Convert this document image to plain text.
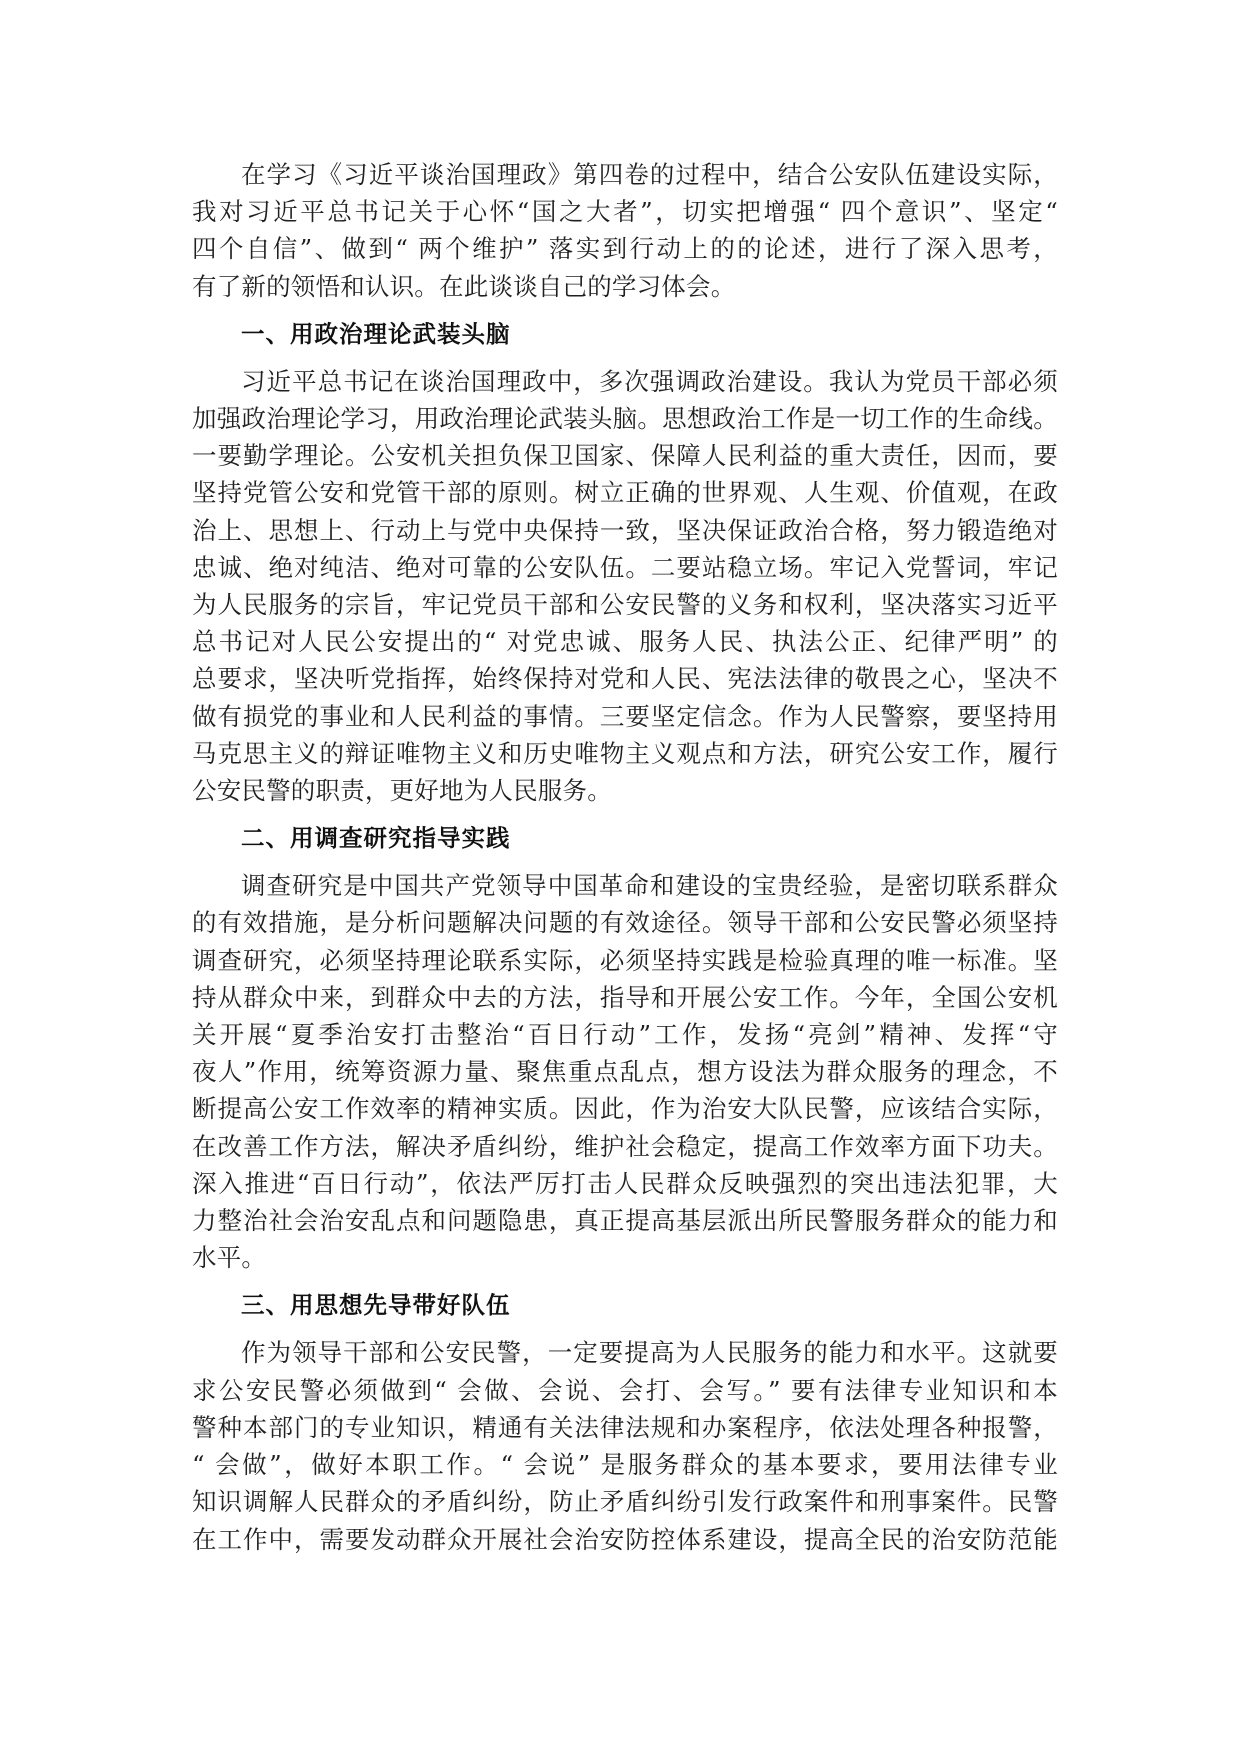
在学习《习近平谈治国理政》第四卷的过程中，结合公安队伍建设实际，
我对习近平总书记关于心怀“国之大者”，切实把增强“ 四个意识”、坚定“
四个自信”、做到“ 两个维护” 落实到行动上的的论述，进行了深入思考，
有了新的领悟和认识。在此谈谈自己的学习体会。
一、用政治理论武装头脑
习近平总书记在谈治国理政中，多次强调政治建设。我认为党员干部必须
加强政治理论学习，用政治理论武装头脑。思想政治工作是一切工作的生命线。
一要勤学理论。公安机关担负保卫国家、保障人民利益的重大责任，因而，要
坚持党管公安和党管干部的原则。树立正确的世界观、人生观、价值观，在政
治上、思想上、行动上与党中央保持一致，坚决保证政治合格，努力锻造绝对
忠诚、绝对纯洁、绝对可靠的公安队伍。二要站稳立场。牢记入党誓词，牢记
为人民服务的宗旨，牢记党员干部和公安民警的义务和权利，坚决落实习近平
总书记对人民公安提出的“ 对党忠诚、服务人民、执法公正、纪律严明” 的
总要求，坚决听党指挥，始终保持对党和人民、宪法法律的敬畏之心，坚决不
做有损党的事业和人民利益的事情。三要坚定信念。作为人民警察，要坚持用
马克思主义的辩证唯物主义和历史唯物主义观点和方法，研究公安工作，履行
公安民警的职责，更好地为人民服务。
二、用调查研究指导实践
调查研究是中国共产党领导中国革命和建设的宝贵经验，是密切联系群众
的有效措施，是分析问题解决问题的有效途径。领导干部和公安民警必须坚持
调查研究，必须坚持理论联系实际，必须坚持实践是检验真理的唯一标准。坚
持从群众中来，到群众中去的方法，指导和开展公安工作。今年，全国公安机
关开展“夏季治安打击整治“百日行动”工作，发扬“亮剑”精神、发挥“守
夜人”作用，统筹资源力量、聚焦重点乱点，想方设法为群众服务的理念，不
断提高公安工作效率的精神实质。因此，作为治安大队民警，应该结合实际，
在改善工作方法，解决矛盾纠纷，维护社会稳定，提高工作效率方面下功夫。
深入推进“百日行动”，依法严厉打击人民群众反映强烈的突出违法犯罪，大
力整治社会治安乱点和问题隐患，真正提高基层派出所民警服务群众的能力和
水平。
三、用思想先导带好队伍
作为领导干部和公安民警，一定要提高为人民服务的能力和水平。这就要
求公安民警必须做到“ 会做、会说、会打、会写。” 要有法律专业知识和本
警种本部门的专业知识，精通有关法律法规和办案程序，依法处理各种报警，
“ 会做”，做好本职工作。“ 会说” 是服务群众的基本要求，要用法律专业
知识调解人民群众的矛盾纠纷，防止矛盾纠纷引发行政案件和刑事案件。民警
在工作中，需要发动群众开展社会治安防控体系建设，提高全民的治安防范能
